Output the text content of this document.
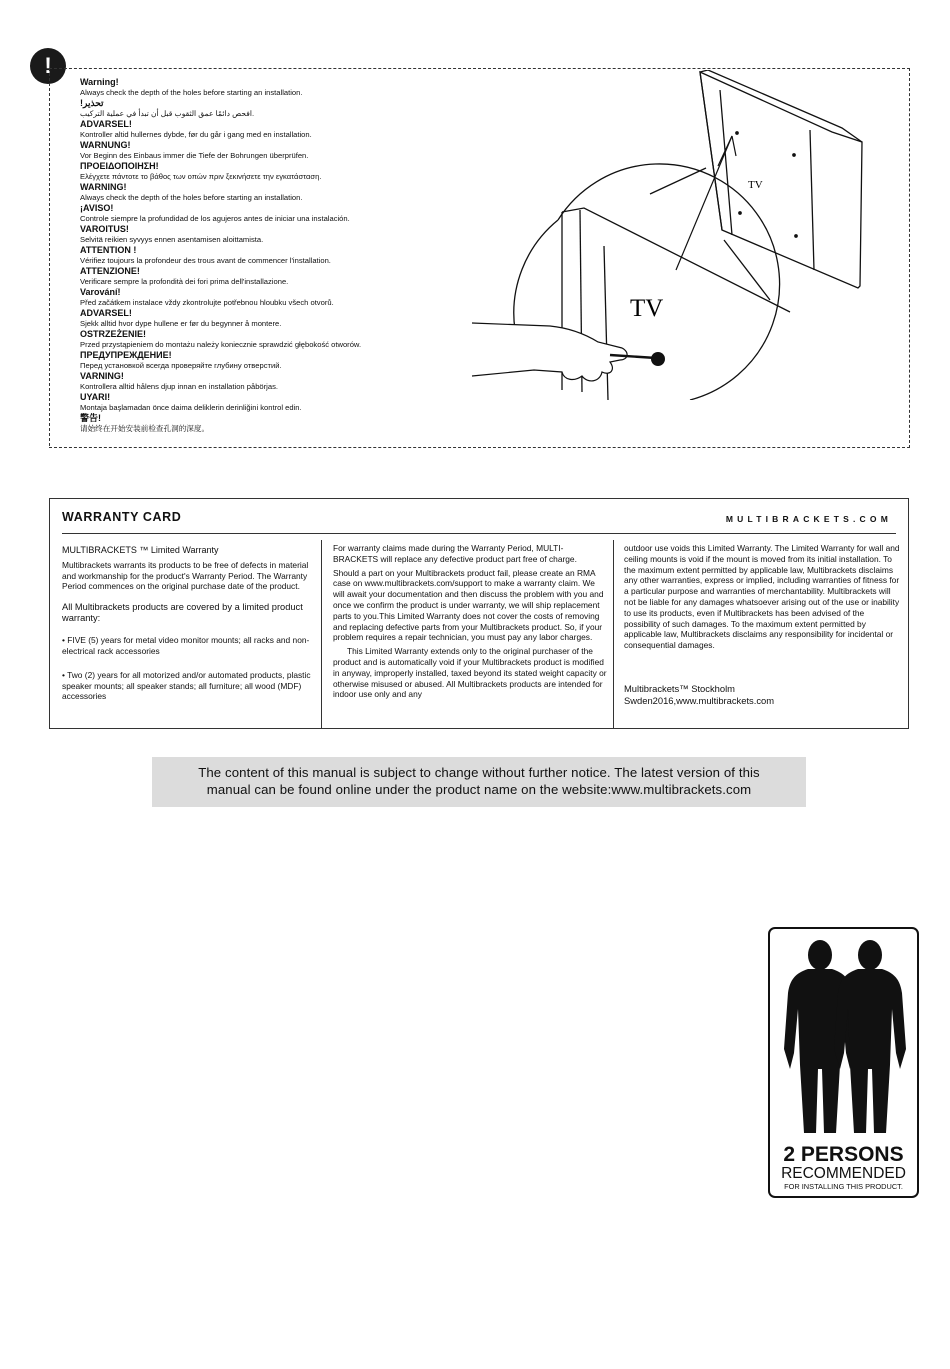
!
Warning!
Always check the depth of the holes before starting an installation.
!تحذير
افحص دائمًا عمق الثقوب قبل أن تبدأ في عملية التركيب.
ADVARSEL!
Kontroller altid hullernes dybde, før du går i gang med en installation.
WARNUNG!
Vor Beginn des Einbaus immer die Tiefe der Bohrungen überprüfen.
ΠΡΟΕΙΔΟΠΟΙΗΣΗ!
Ελέγχετε πάντοτε το βάθος των οπών πριν ξεκινήσετε την εγκατάσταση.
WARNING!
Always check the depth of the holes before starting an installation.
¡AVISO!
Controle siempre la profundidad de los agujeros antes de iniciar una instalación.
VAROITUS!
Selvitä reikien syvyys ennen asentamisen aloittamista.
ATTENTION !
Vérifiez toujours la profondeur des trous avant de commencer l'installation.
ATTENZIONE!
Verificare sempre la profondità dei fori prima dell'installazione.
Varování!
Před začátkem instalace vždy zkontrolujte potřebnou hloubku všech otvorů.
ADVARSEL!
Sjekk alltid hvor dype hullene er før du begynner å montere.
OSTRZEŻENIE!
Przed przystąpieniem do montażu należy koniecznie sprawdzić głębokość otworów.
ПРЕДУПРЕЖДЕНИЕ!
Перед установкой всегда проверяйте глубину отверстий.
VARNING!
Kontrollera alltid hålens djup innan en installation påbörjas.
UYARI!
Montaja başlamadan önce daima deliklerin derinliğini kontrol edin.
警告!
请始终在开始安装前检查孔洞的深度。
TV
TV
WARRANTY CARD	MULTIBRACKETS.COM

MULTIBRACKETS ™ Limited Warranty

Multibrackets warrants its products to be free of defects in material and workmanship for the product's Warranty Period. The Warranty Period commences on the original purchase date of the product.

All Multibrackets products are covered by a limited product warranty:

• FIVE (5) years for metal video monitor mounts; all racks and non-electrical rack accessories

• Two (2) years for all motorized and/or automated products, plastic speaker mounts; all speaker stands; all furniture; all wood (MDF) accessories

For warranty claims made during the Warranty Period, MULTI-BRACKETS will replace any defective product part free of charge.

Should a part on your Multibrackets product fail, please create an RMA case on www.multibrackets.com/support to make a warranty claim. We will await your documentation and then discuss the problem with you and once we confirm the product is under warranty, we will ship replacement parts to you.This Limited Warranty does not cover the costs of removing and replacing defective parts from your Multibrackets product. So, if your problem requires a repair technician, you must pay any labor charges.

This Limited Warranty extends only to the original purchaser of the product and is automatically void if your Multibrackets product is modified in anyway, improperly installed, taxed beyond its stated weight capacity or otherwise misused or abused. All Multibrackets products are intended for indoor use only and any

outdoor use voids this Limited Warranty. The Limited Warranty for wall and ceiling mounts is void if the mount is moved from its initial installation. To the maximum extent permitted by applicable law, Multibrackets disclaims any other warranties, express or implied, including warranties of fitness for a particular purpose and warranties of merchantability. Multibrackets will not be liable for any damages whatsoever arising out of the use or inability to use its products, even if Multibrackets has been advised of the possibility of such damages. To the maximum extent permitted by applicable law, Multibrackets disclaims any responsibility for incidental or consequential damages.

Multibrackets™ Stockholm

Swden2016,www.multibrackets.com

The content of this manual is subject to change without further notice. The latest version of this
manual can be found online under the product name on the website:www.multibrackets.com
2 PERSONS
RECOMMENDED
FOR INSTALLING THIS PRODUCT.
